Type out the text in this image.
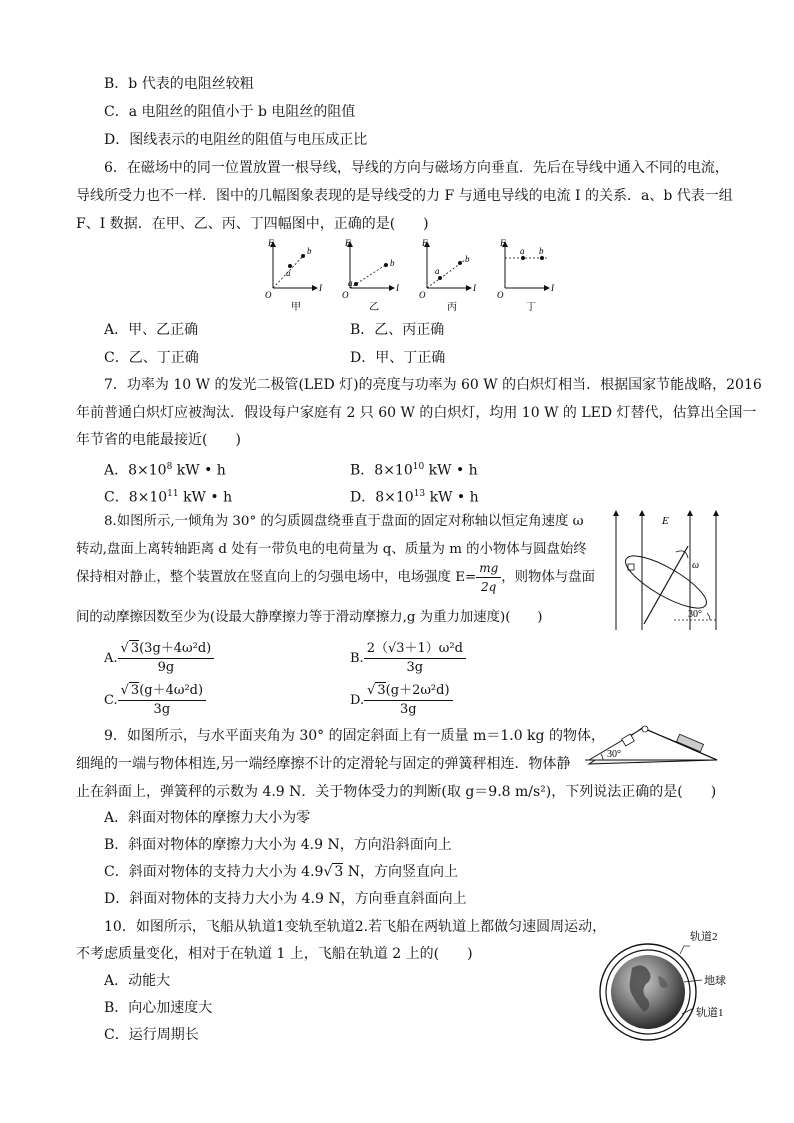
B．b 代表的电阻丝较粗
C．a 电阻丝的阻值小于 b 电阻丝的阻值
D．图线表示的电阻丝的阻值与电压成正比
6．在磁场中的同一位置放置一根导线，导线的方向与磁场方向垂直．先后在导线中通入不同的电流，
导线所受力也不一样．图中的几幅图象表现的是导线受的力 F 与通电导线的电流 I 的关系．a、b 代表一组
F、I 数据．在甲、乙、丙、丁四幅图中，正确的是(　　)
F
I
O
a
b
甲
F
I
O
a
b
乙
F
I
O
a
b
丙
F
I
O
a b
丁
A．甲、乙正确	B．乙、丙正确
C．乙、丁正确	D．甲、丁正确
7．功率为 10 W 的发光二极管(LED 灯)的亮度与功率为 60 W 的白炽灯相当．根据国家节能战略，2016
年前普通白炽灯应被淘汰．假设每户家庭有 2 只 60 W 的白炽灯，均用 10 W 的 LED 灯替代，估算出全国一
年节省的电能最接近(　　)
A．$8\times 10^8$ kW • h	B．$8\times 10^{10}$ kW • h
C．$8\times 10^{11}$ kW • h	D．$8\times 10^{13}$ kW • h
8.如图所示,一倾角为 30° 的匀质圆盘绕垂直于盘面的固定对称轴以恒定角速度 ω
转动,盘面上离转轴距离 d 处有一带负电的电荷量为 q、质量为 m 的小物体与圆盘始终
保持相对静止，整个装置放在竖直向上的匀强电场中，电场强度 $E= \frac{mg}{2q}$ ，则物体与盘面
间的动摩擦因数至少为(设最大静摩擦力等于滑动摩擦力,g 为重力加速度)(　　)
E
ω
30°
A. $\frac{\text{√ 3(3g＋4ω²d)}}{9g}$	B. $\frac{\text{2（√3＋1）ω²d}}{3g}$
C. $\frac{\text{√ 3(g＋4ω²d)}}{3g}$	D. $\frac{\text{√ 3(g＋2ω²d)}}{3g}$
9．如图所示，与水平面夹角为 30° 的固定斜面上有一质量 m＝1.0 kg 的物体，
细绳的一端与物体相连,另一端经摩擦不计的定滑轮与固定的弹簧秤相连．物体静
止在斜面上，弹簧秤的示数为 4.9 N．关于物体受力的判断(取 g＝9.8 m/s²)，下列说法正确的是(　　)
30°
A．斜面对物体的摩擦力大小为零
B．斜面对物体的摩擦力大小为 4.9 N，方向沿斜面向上
C．斜面对物体的支持力大小为 4.9√ 3 N，方向竖直向上
D．斜面对物体的支持力大小为 4.9 N，方向垂直斜面向上
10．如图所示，飞船从轨道1变轨至轨道2.若飞船在两轨道上都做匀速圆周运动，
不考虑质量变化，相对于在轨道 1 上，飞船在轨道 2 上的(　　)
A．动能大
B．向心加速度大
C．运行周期长
轨道2
地球
轨道1
